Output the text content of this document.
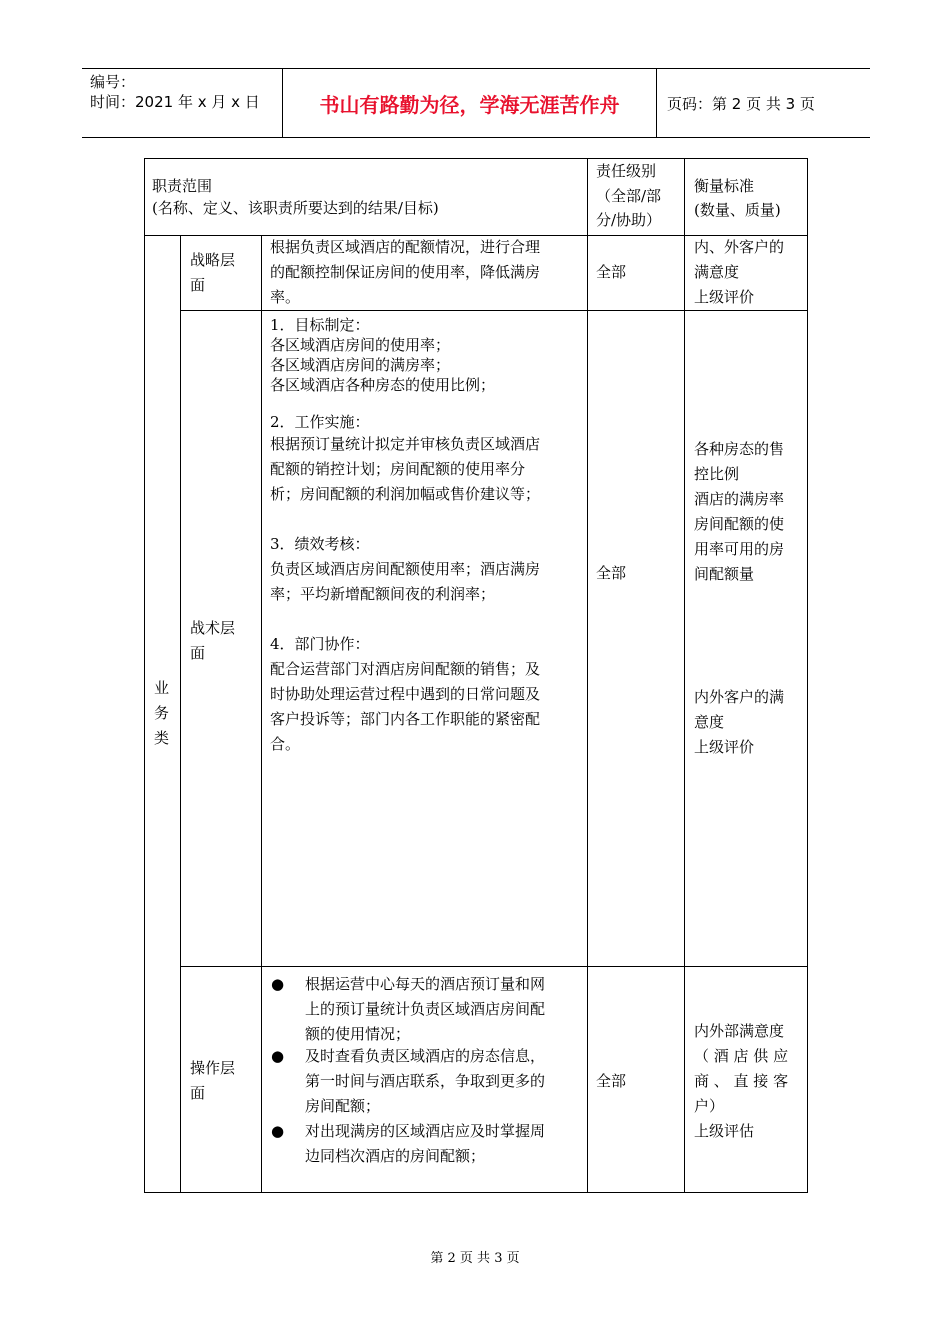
编号：
时间：2021 年 x 月 x 日	书山有路勤为径，学海无涯苦作舟	页码：第 2 页 共 3 页
职责范围
(名称、定义、该职责所要达到的结果/目标)
责任级别
（全部/部
分/协助）
衡量标准
(数量、质量)
业
务
类
战略层
面
根据负责区域酒店的配额情况，进行合理
的配额控制保证房间的使用率，降低满房
率。
全部
内、外客户的
满意度
上级评价
战术层
面
1．目标制定：
各区域酒店房间的使用率；
各区域酒店房间的满房率；
各区域酒店各种房态的使用比例；
2．工作实施：
根据预订量统计拟定并审核负责区域酒店
配额的销控计划；房间配额的使用率分
析；房间配额的利润加幅或售价建议等；
3．绩效考核：
负责区域酒店房间配额使用率；酒店满房
率；平均新增配额间夜的利润率；
4．部门协作：
配合运营部门对酒店房间配额的销售；及
时协助处理运营过程中遇到的日常问题及
客户投诉等；部门内各工作职能的紧密配
合。
全部
各种房态的售
控比例
酒店的满房率
房间配额的使
用率可用的房
间配额量
内外客户的满
意度
上级评价
操作层
面
● 根据运营中心每天的酒店预订量和网
上的预订量统计负责区域酒店房间配
额的使用情况；
● 及时查看负责区域酒店的房态信息，
第一时间与酒店联系，争取到更多的
房间配额；
● 对出现满房的区域酒店应及时掌握周
边同档次酒店的房间配额；
全部
内外部满意度
（ 酒 店 供 应
商 、 直 接 客
户）
上级评估
第 2 页 共 3 页
